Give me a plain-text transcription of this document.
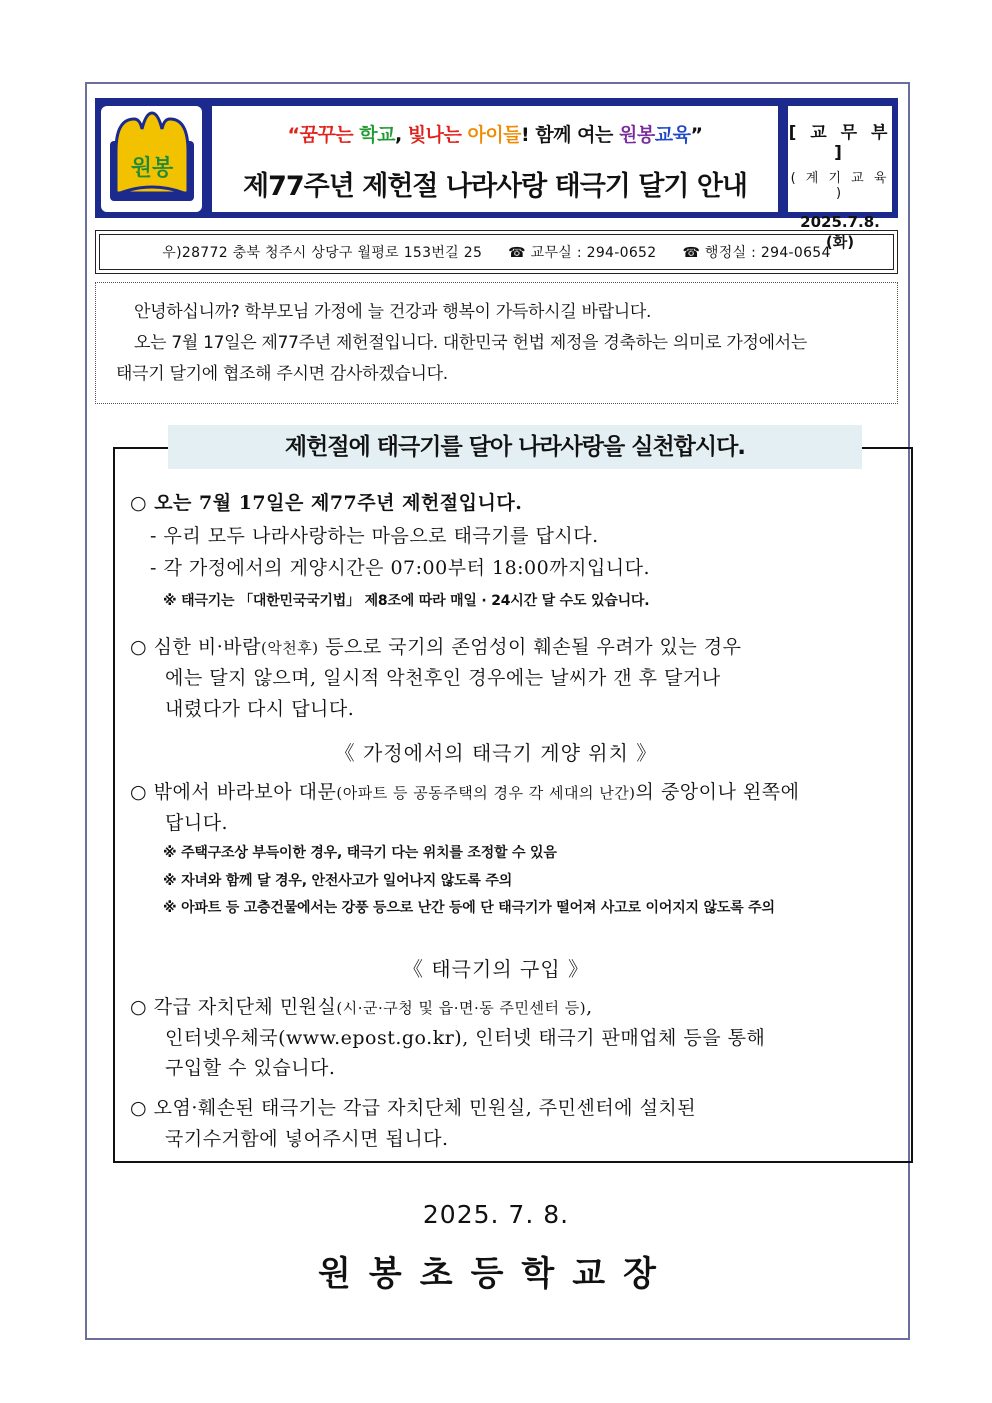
원봉
“꿈꾸는 학교, 빛나는 아이들! 함께 여는 원봉교육”
제77주년 제헌절 나라사랑 태극기 달기 안내
[ 교 무 부 ]
( 계 기 교 육 )
2025.7.8.(화)
우)28772 충북 청주시 상당구 월평로 153번길 25 ☎ 교무실 : 294-0652 ☎ 행정실 : 294-0654

안녕하십니까? 학부모님 가정에 늘 건강과 행복이 가득하시길 바랍니다.

오는 7월 17일은 제77주년 제헌절입니다. 대한민국 헌법 제정을 경축하는 의미로 가정에서는

태극기 달기에 협조해 주시면 감사하겠습니다.

제헌절에 태극기를 달아 나라사랑을 실천합시다.
○ 오는 7월 17일은 제77주년 제헌절입니다.
- 우리 모두 나라사랑하는 마음으로 태극기를 답시다.
- 각 가정에서의 게양시간은 07:00부터 18:00까지입니다.
※ 태극기는 「대한민국국기법」 제8조에 따라 매일 · 24시간 달 수도 있습니다.
○ 심한 비·바람(악천후) 등으로 국기의 존엄성이 훼손될 우려가 있는 경우
에는 달지 않으며, 일시적 악천후인 경우에는 날씨가 갠 후 달거나
내렸다가 다시 답니다.
《 가정에서의 태극기 게양 위치 》
○ 밖에서 바라보아 대문(아파트 등 공동주택의 경우 각 세대의 난간)의 중앙이나 왼쪽에
답니다.
※ 주택구조상 부득이한 경우, 태극기 다는 위치를 조정할 수 있음
※ 자녀와 함께 달 경우, 안전사고가 일어나지 않도록 주의
※ 아파트 등 고층건물에서는 강풍 등으로 난간 등에 단 태극기가 떨어져 사고로 이어지지 않도록 주의
《 태극기의 구입 》
○ 각급 자치단체 민원실(시·군·구청 및 읍·면·동 주민센터 등),
인터넷우체국(www.epost.go.kr), 인터넷 태극기 판매업체 등을 통해
구입할 수 있습니다.
○ 오염·훼손된 태극기는 각급 자치단체 민원실, 주민센터에 설치된
국기수거함에 넣어주시면 됩니다.
2025. 7. 8.
원봉초등학교장
